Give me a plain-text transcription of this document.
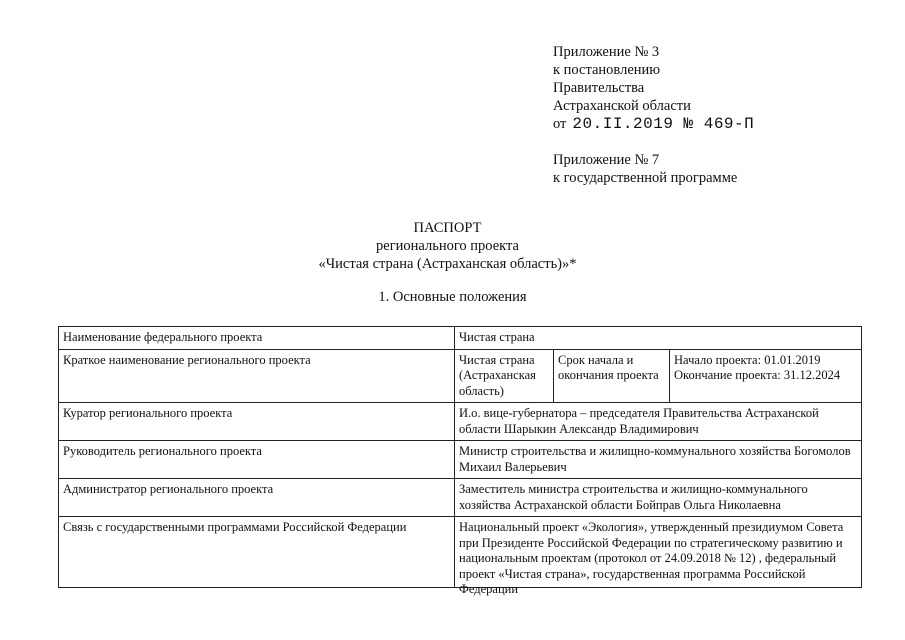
Приложение № 3
к постановлению
Правительства
Астраханской области
от 20.II.2019 № 469-П
Приложение № 7
к государственной программе
ПАСПОРТ
регионального проекта
«Чистая страна (Астраханская область)»*
1. Основные положения
Наименование федерального проекта	Чистая страна		
Краткое наименование регионального проекта	Чистая страна (Астраханская область)	Срок начала и окончания проекта	Начало проекта: 01.01.2019
Окончание проекта: 31.12.2024

Куратор регионального проекта	И.о. вице-губернатора – председателя Правительства Астраханской области Шарыкин Александр Владимирович		
Руководитель регионального проекта	Министр строительства и жилищно-коммунального хозяйства Богомолов Михаил Валерьевич		
Администратор регионального проекта	Заместитель министра строительства и жилищно-коммунального хозяйства Астраханской области Бойправ Ольга Николаевна		
Связь с государственными программами Российской Федерации	Национальный проект «Экология», утвержденный президиумом Совета при Президенте Российской Федерации по стратегическому развитию и национальным проектам (протокол от 24.09.2018 № 12) , федеральный проект «Чистая страна», государственная программа Российской Федерации		
